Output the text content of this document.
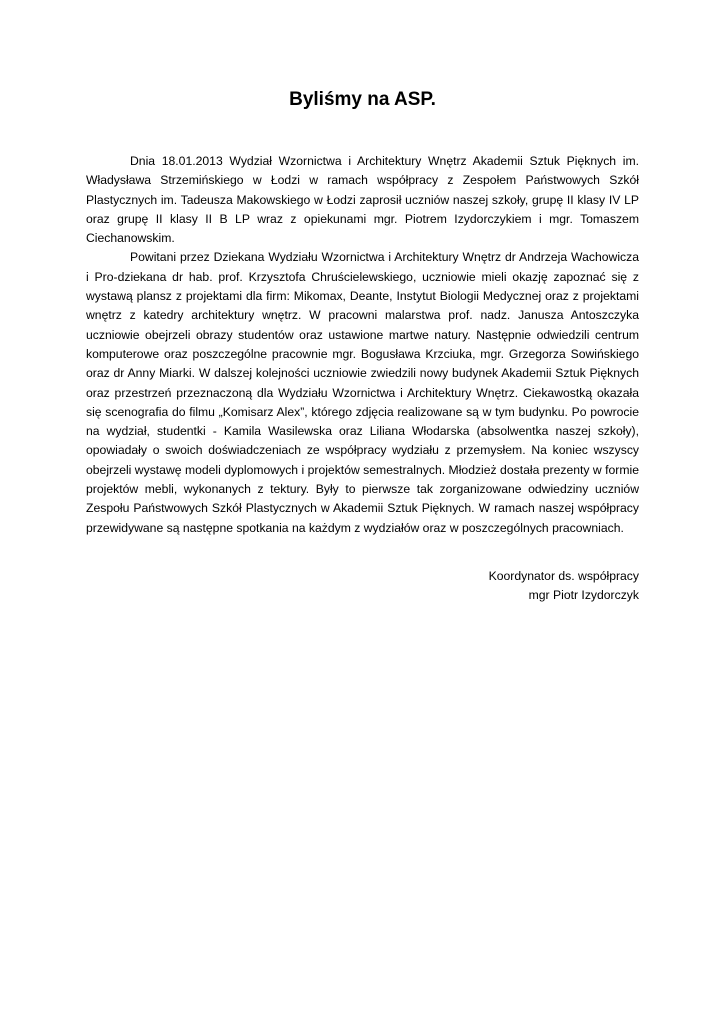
Byliśmy na ASP.

Dnia 18.01.2013 Wydział Wzornictwa i Architektury Wnętrz Akademii Sztuk Pięknych im. Władysława Strzemińskiego w Łodzi w ramach współpracy z Zespołem Państwowych Szkół Plastycznych im. Tadeusza Makowskiego w Łodzi zaprosił uczniów naszej szkoły, grupę II klasy IV LP oraz grupę II klasy II B LP wraz z opiekunami mgr. Piotrem Izydorczykiem i mgr. Tomaszem Ciechanowskim.

Powitani przez Dziekana Wydziału Wzornictwa i Architektury Wnętrz dr Andrzeja Wachowicza i Pro-dziekana dr hab. prof. Krzysztofa Chruścielewskiego, uczniowie mieli okazję zapoznać się z wystawą plansz z projektami dla firm: Mikomax, Deante, Instytut Biologii Medycznej oraz z projektami wnętrz z katedry architektury wnętrz. W pracowni malarstwa prof. nadz. Janusza Antoszczyka uczniowie obejrzeli obrazy studentów oraz ustawione martwe natury. Następnie odwiedzili centrum komputerowe oraz poszczególne pracownie mgr. Bogusława Krzciuka, mgr. Grzegorza Sowińskiego oraz dr Anny Miarki. W dalszej kolejności uczniowie zwiedzili nowy budynek Akademii Sztuk Pięknych oraz przestrzeń przeznaczoną dla Wydziału Wzornictwa i Architektury Wnętrz. Ciekawostką okazała się scenografia do filmu „Komisarz Alex”, którego zdjęcia realizowane są w tym budynku. Po powrocie na wydział, studentki - Kamila Wasilewska oraz Liliana Włodarska (absolwentka naszej szkoły), opowiadały o swoich doświadczeniach ze współpracy wydziału z przemysłem. Na koniec wszyscy obejrzeli wystawę modeli dyplomowych i projektów semestralnych. Młodzież dostała prezenty w formie projektów mebli, wykonanych z tektury. Były to pierwsze tak zorganizowane odwiedziny uczniów Zespołu Państwowych Szkół Plastycznych w Akademii Sztuk Pięknych. W ramach naszej współpracy przewidywane są następne spotkania na każdym z wydziałów oraz w poszczególnych pracowniach.

Koordynator ds. współpracy
mgr Piotr Izydorczyk
